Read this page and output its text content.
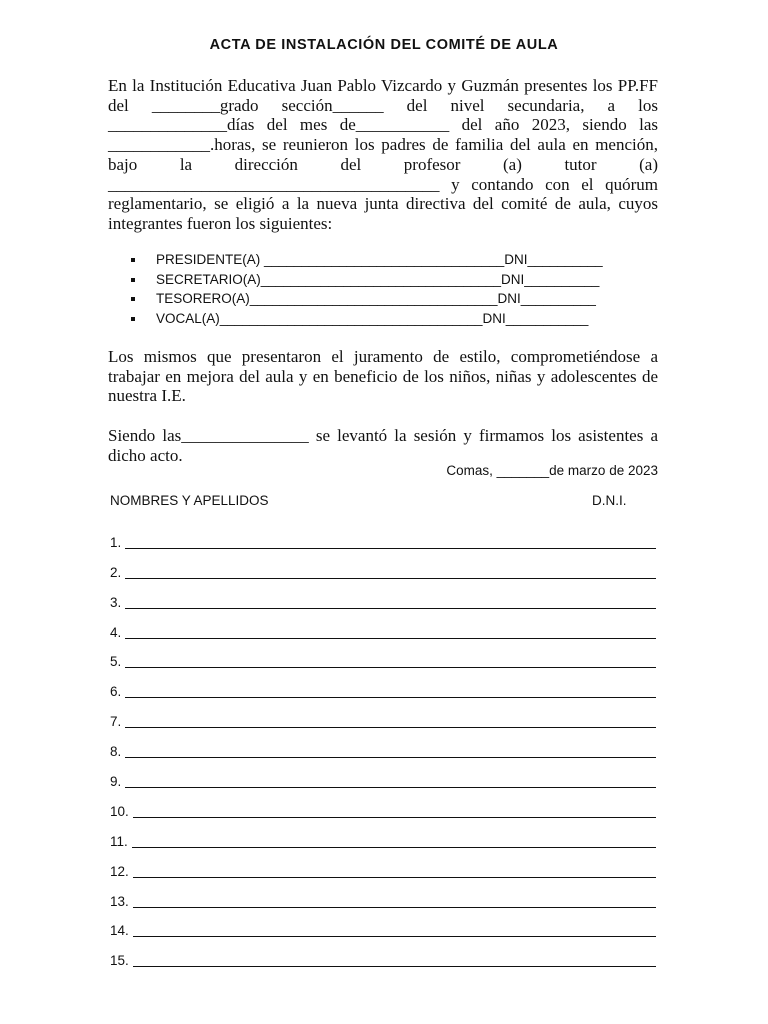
ACTA DE INSTALACIÓN DEL COMITÉ DE AULA

En la Institución Educativa Juan Pablo Vizcardo y Guzmán presentes los PP.FF del ________grado sección______ del nivel secundaria, a los ______________días del mes de___________ del año 2023, siendo las ____________.horas, se reunieron los padres de familia del aula en mención, bajo la dirección del profesor (a) tutor (a) _______________________________________ y contando con el quórum reglamentario, se eligió a la nueva junta directiva del comité de aula, cuyos integrantes fueron los siguientes:

PRESIDENTE(A) ________________________________DNI__________
SECRETARIO(A)________________________________DNI__________
TESORERO(A)_________________________________DNI__________
VOCAL(A)___________________________________DNI___________

Los mismos que presentaron el juramento de estilo, comprometiéndose a trabajar en mejora del aula y en beneficio de los niños, niñas y adolescentes de nuestra I.E.

Siendo las_______________ se levantó la sesión y firmamos los asistentes a dicho acto.

Comas, _______de marzo de 2023
NOMBRES Y APELLIDOS	D.N.I.
1.
2.
3.
4.
5.
6.
7.
8.
9.
10.
11.
12.
13.
14.
15.
